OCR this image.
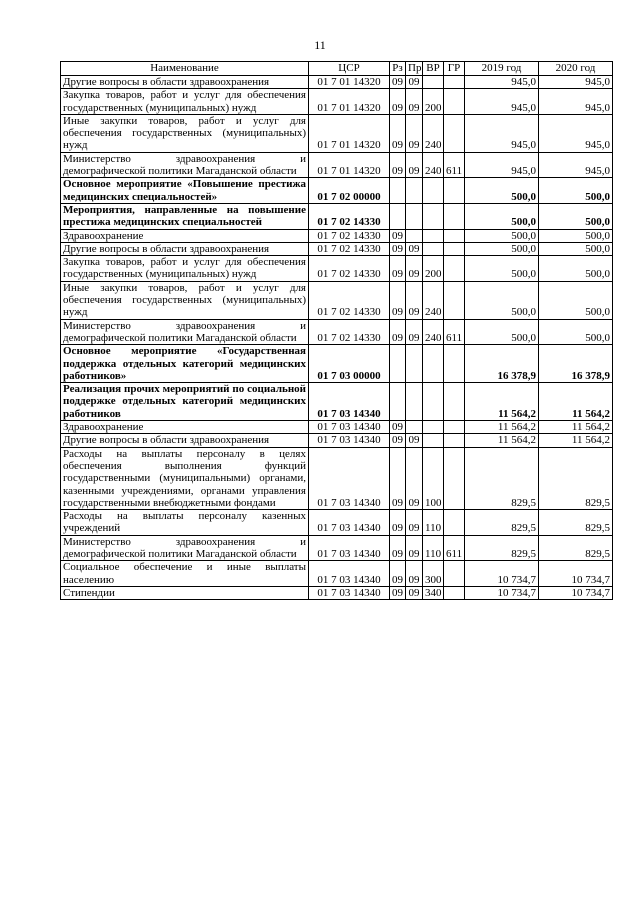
11
Наименование	ЦСР	Рз	Пр	ВР	ГР	2019 год	2020 год
Другие вопросы в области здравоохранения	01 7 01 14320	09	09			945,0	945,0
Закупка товаров, работ и услуг для обеспечения государственных (муниципальных) нужд	01 7 01 14320	09	09	200		945,0	945,0
Иные закупки товаров, работ и услуг для обеспечения государственных (муниципальных) нужд	01 7 01 14320	09	09	240		945,0	945,0
Министерство здравоохранения и демографической политики Магаданской области	01 7 01 14320	09	09	240	611	945,0	945,0
Основное мероприятие «Повышение престижа медицинских специальностей»	01 7 02 00000					500,0	500,0
Мероприятия, направленные на повышение престижа медицинских специальностей	01 7 02 14330					500,0	500,0
Здравоохранение	01 7 02 14330	09				500,0	500,0
Другие вопросы в области здравоохранения	01 7 02 14330	09	09			500,0	500,0
Закупка товаров, работ и услуг для обеспечения государственных (муниципальных) нужд	01 7 02 14330	09	09	200		500,0	500,0
Иные закупки товаров, работ и услуг для обеспечения государственных (муниципальных) нужд	01 7 02 14330	09	09	240		500,0	500,0
Министерство здравоохранения и демографической политики Магаданской области	01 7 02 14330	09	09	240	611	500,0	500,0
Основное мероприятие «Государственная поддержка отдельных категорий медицинских работников»	01 7 03 00000					16 378,9	16 378,9
Реализация прочих мероприятий по социальной поддержке отдельных категорий медицинских работников	01 7 03 14340					11 564,2	11 564,2
Здравоохранение	01 7 03 14340	09				11 564,2	11 564,2
Другие вопросы в области здравоохранения	01 7 03 14340	09	09			11 564,2	11 564,2
Расходы на выплаты персоналу в целях обеспечения выполнения функций государственными (муниципальными) органами, казенными учреждениями, органами управления государственными внебюджетными фондами	01 7 03 14340	09	09	100		829,5	829,5
Расходы на выплаты персоналу казенных учреждений	01 7 03 14340	09	09	110		829,5	829,5
Министерство здравоохранения и демографической политики Магаданской области	01 7 03 14340	09	09	110	611	829,5	829,5
Социальное обеспечение и иные выплаты населению	01 7 03 14340	09	09	300		10 734,7	10 734,7
Стипендии	01 7 03 14340	09	09	340		10 734,7	10 734,7
